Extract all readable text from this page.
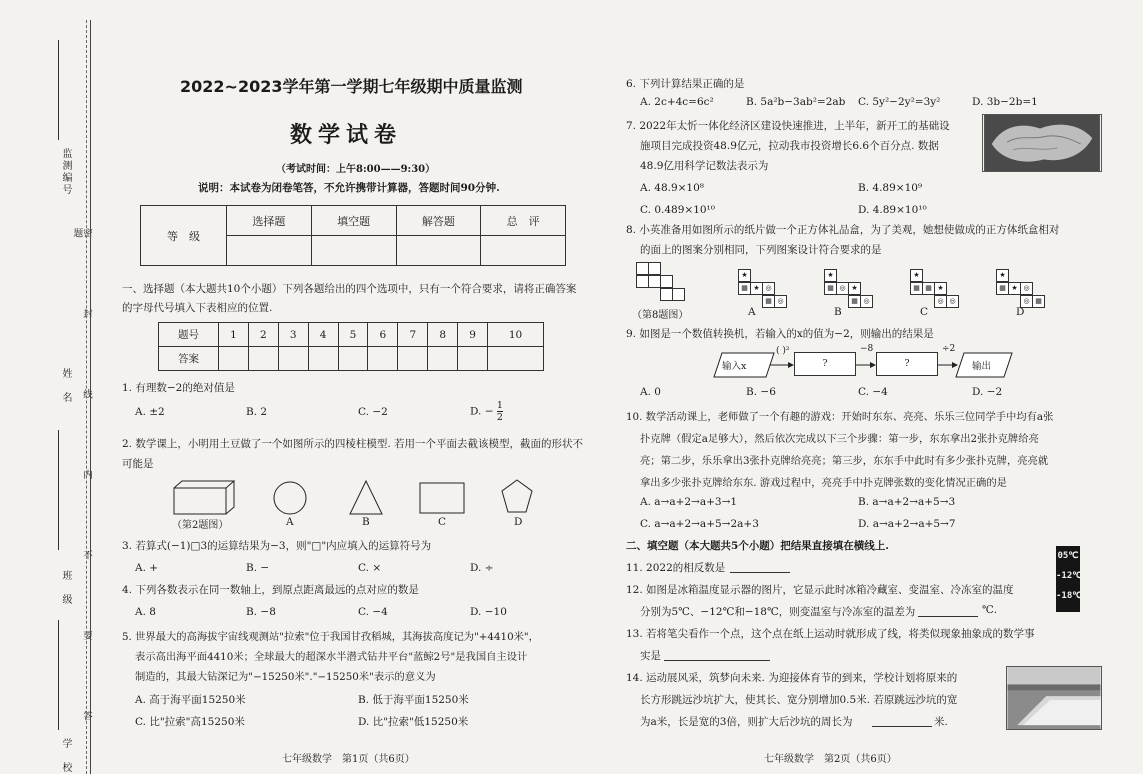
监测编号
姓　名
班　级
学　校
密 封 线 内 不 要 答 题
2022~2023学年第一学期七年级期中质量监测
数学试卷
（考试时间：上午8:00——9:30）
说明：本试卷为闭卷笔答，不允许携带计算器，答题时间90分钟.
等　级	选择题	填空题	解答题	总　评

一、选择题（本大题共10个小题）下列各题给出的四个选项中，只有一个符合要求，请将正确答案的字母代号填入下表相应的位置.
题号	1	2	3	4	5	6	7	8	9	10
答案										
1. 有理数−2的绝对值是
A. ±2	B. 2	C. −2	D. − $\frac{1}{2}$
2. 数学课上，小明用土豆做了一个如图所示的四棱柱模型. 若用一个平面去截该模型，截面的形状不可能是
（第2题图）	A	B	C	D
3. 若算式(−1)□3的运算结果为−3，则"□"内应填入的运算符号为
A. +	B. −	C. ×	D. ÷
4. 下列各数表示在同一数轴上，到原点距离最远的点对应的数是
A. 8	B. −8	C. −4	D. −10
5. 世界最大的高海拔宇宙线观测站"拉索"位于我国甘孜稻城，其海拔高度记为"+4410米"，
表示高出海平面4410米；全球最大的超深水半潜式钻井平台"蓝鲸2号"是我国自主设计
制造的，其最大钻深记为"−15250米"."−15250米"表示的意义为
A. 高于海平面15250米	B. 低于海平面15250米
C. 比"拉索"高15250米	D. 比"拉索"低15250米
七年级数学　第1页（共6页）
6. 下列计算结果正确的是
A. 2c+4c=6c²	B. 5a²b−3ab²=2ab C. 5y²−2y²=3y²	D. 3b−2b=1
7. 2022年太忻一体化经济区建设快速推进，上半年，新开工的基础设
施项目完成投资48.9亿元，拉动我市投资增长6.6个百分点. 数据
48.9亿用科学记数法表示为
A. 48.9×10⁸	B. 4.89×10⁹
C. 0.489×10¹⁰	D. 4.89×10¹⁰
8. 小英准备用如图所示的纸片做一个正方体礼品盒，为了美观，她想使做成的正方体纸盒相对
的面上的图案分别相同，下列图案设计符合要求的是
★
▦ ★ ◎
▦ ◎
★
▦ ◎ ★
▦ ◎
★
▦ ▦ ★
◎ ◎
★
▦ ★ ◎
◎ ▦
（第8题图）	A	B	C	D
9. 如图是一个数值转换机，若输入的x的值为−2，则输出的结果是
输入x
( )²
?
−8
?
÷2
输出
A. 0	B. −6	C. −4	D. −2
10. 数学活动课上，老师做了一个有趣的游戏：开始时东东、亮亮、乐乐三位同学手中均有a张
扑克牌（假定a足够大），然后依次完成以下三个步骤：第一步，东东拿出2张扑克牌给亮
亮；第二步，乐乐拿出3张扑克牌给亮亮；第三步，东东手中此时有多少张扑克牌，亮亮就
拿出多少张扑克牌给东东. 游戏过程中，亮亮手中扑克牌张数的变化情况正确的是
A. a→a+2→a+3→1	B. a→a+2→a+5→3
C. a→a+2→a+5→2a+3	D. a→a+2→a+5→7
二、填空题（本大题共5个小题）把结果直接填在横线上.
11. 2022的相反数是
12. 如图是冰箱温度显示器的图片，它显示此时冰箱冷藏室、变温室、冷冻室的温度
分别为5℃、−12℃和−18℃，则变温室与冷冻室的温差为	℃.
05℃
-12℃
-18℃
13. 若将笔尖看作一个点，这个点在纸上运动时就形成了线，将类似现象抽象成的数学事
实是
14. 运动展风采，筑梦向未来. 为迎接体育节的到来，学校计划将原来的
长方形跳远沙坑扩大，使其长、宽分别增加0.5米. 若原跳远沙坑的宽
为a米，长是宽的3倍，则扩大后沙坑的周长为	米.
七年级数学　第2页（共6页）
